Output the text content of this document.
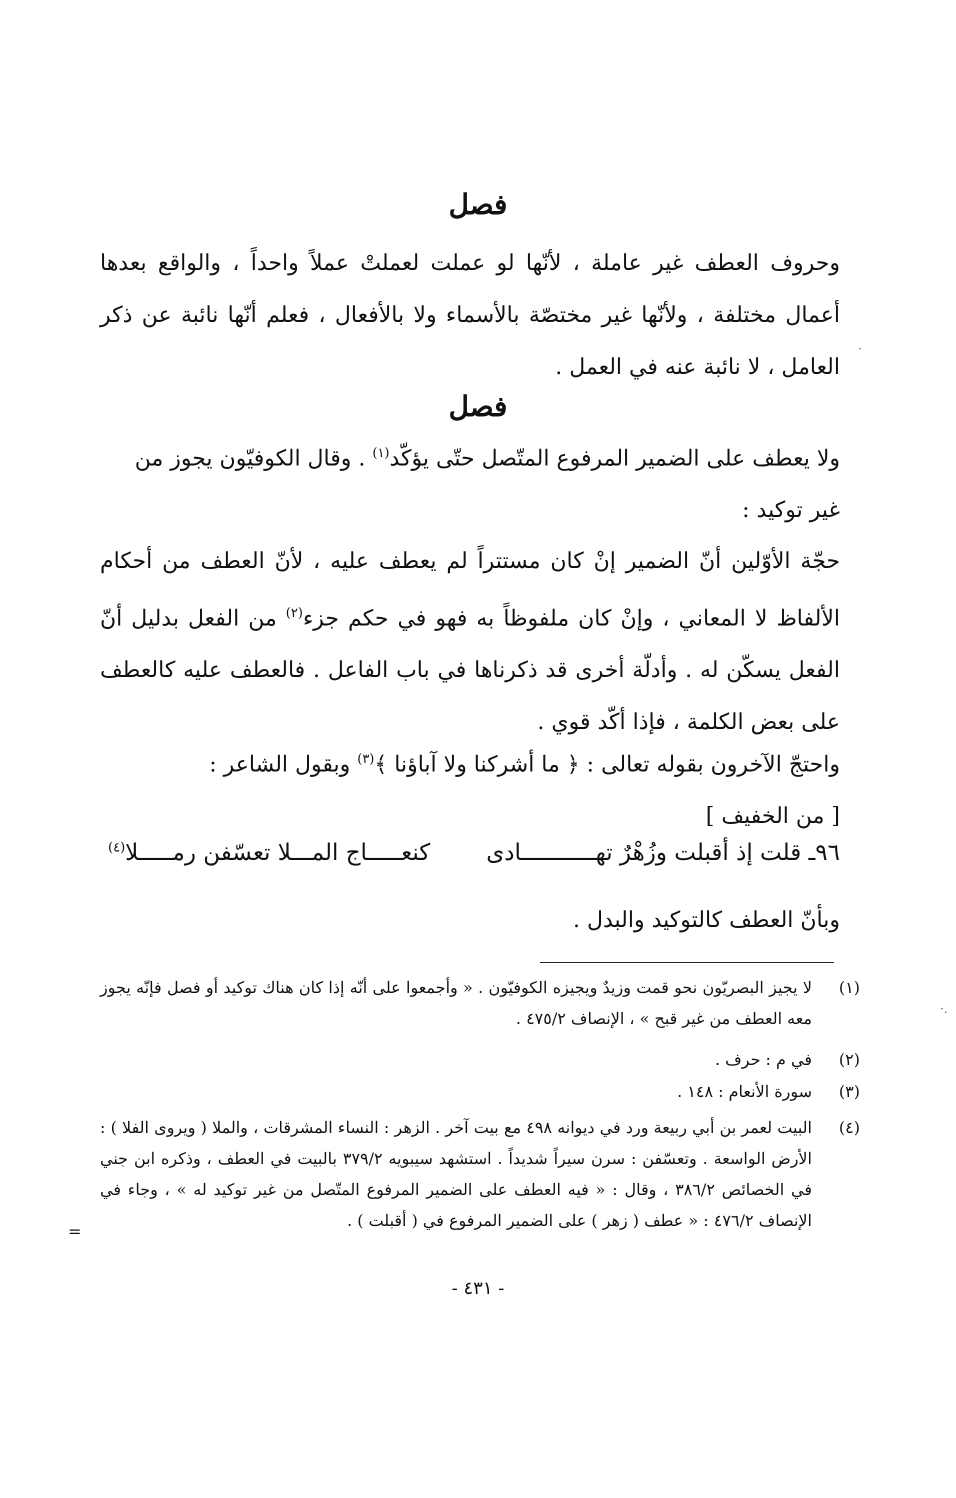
فصل
وحروف العطف غير عاملة ، لأنّها لو عملت لعملتْ عملاً واحداً ، والواقع بعدها أعمال مختلفة ، ولأنّها غير مختصّة بالأسماء ولا بالأفعال ، فعلم أنّها نائبة عن ذكر العامل ، لا نائبة عنه في العمل .
·
فصل
ولا يعطف على الضمير المرفوع المتّصل حتّى يؤكّد$^{(١)}$ . وقال الكوفيّون يجوز من
غير توكيد :
حجّة الأوّلين أنّ الضمير إنْ كان مستتراً لم يعطف عليه ، لأنّ العطف من أحكام الألفاظ لا المعاني ، وإنْ كان ملفوظاً به فهو في حكم جزء$^{(٢)}$ من الفعل بدليل أنّ الفعل يسكّن له . وأدلّة أخرى قد ذكرناها في باب الفاعل . فالعطف عليه كالعطف على بعض الكلمة ، فإذا أكّد قوي .
واحتجّ الآخرون بقوله تعالى : ﴿ ما أشركنا ولا آباؤنا ﴾$^{(٣)}$ وبقول الشاعر :
[ من الخفيف ]
٩٦ـ قلت إذ أقبلت وزُهْرٌ تهـــــــــــادى
كنعـــــاج المـــلا تعسّفن رمـــــلا$^{(٤)}$
وبأنّ العطف كالتوكيد والبدل .
·.
(١)
لا يجيز البصريّون نحو قمت وزيدٌ ويجيزه الكوفيّون . « وأجمعوا على أنّه إذا كان هناك توكيد أو فصل فإنّه يجوز معه العطف من غير قبح » ، الإنصاف ٤٧٥/٢ .
(٢)
في م : حرف .
(٣)
سورة الأنعام : ١٤٨ .
(٤)
البيت لعمر بن أبي ربيعة ورد في ديوانه ٤٩٨ مع بيت آخر . الزهر : النساء المشرقات ، والملا ( ويروى الفلا ) : الأرض الواسعة . وتعسّفن : سرن سيراً شديداً . استشهد سيبويه ٣٧٩/٢ بالبيت في العطف ، وذكره ابن جني في الخصائص ٣٨٦/٢ ، وقال : « فيه العطف على الضمير المرفوع المتّصل من غير توكيد له » ، وجاء في الإنصاف ٤٧٦/٢ : « عطف ( زهر ) على الضمير المرفوع في ( أقبلت ) .
=
- ٤٣١ -
